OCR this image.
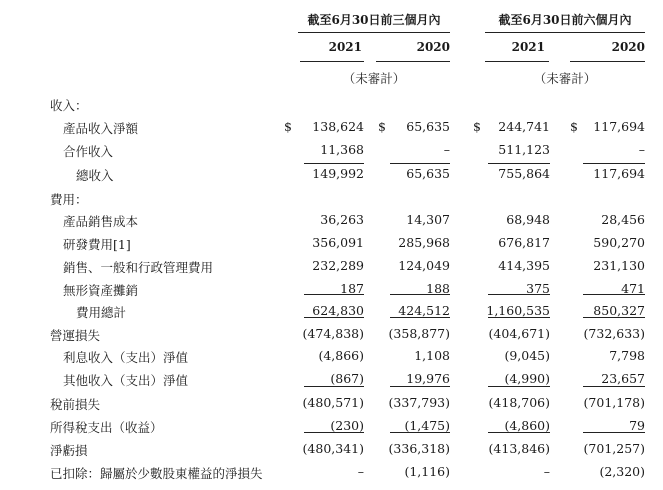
截至6月30日前三個月內	截至6月30日前六個月內
2021	2020	2021	2020
（未審計）	（未審計）
收入：
產品收入淨額	138,624	65,635	244,741	117,694
$	$	$	$
合作收入	11,368	–	511,123	–
總收入	149,992	65,635	755,864	117,694
費用：
產品銷售成本	36,263	14,307	68,948	28,456
研發費用[1]	356,091	285,968	676,817	590,270
銷售、一般和行政管理費用	232,289	124,049	414,395	231,130
無形資產攤銷	187	188	375	471
費用總計	624,830	424,512	1,160,535	850,327
營運損失	(474,838)	(358,877)	(404,671)	(732,633)
利息收入（支出）淨值	(4,866)	1,108	(9,045)	7,798
其他收入（支出）淨值	(867)	19,976	(4,990)	23,657
稅前損失	(480,571)	(337,793)	(418,706)	(701,178)
所得稅支出（收益）	(230)	(1,475)	(4,860)	79
淨虧損	(480,341)	(336,318)	(413,846)	(701,257)
已扣除：歸屬於少數股東權益的淨損失	–	(1,116)	–	(2,320)
